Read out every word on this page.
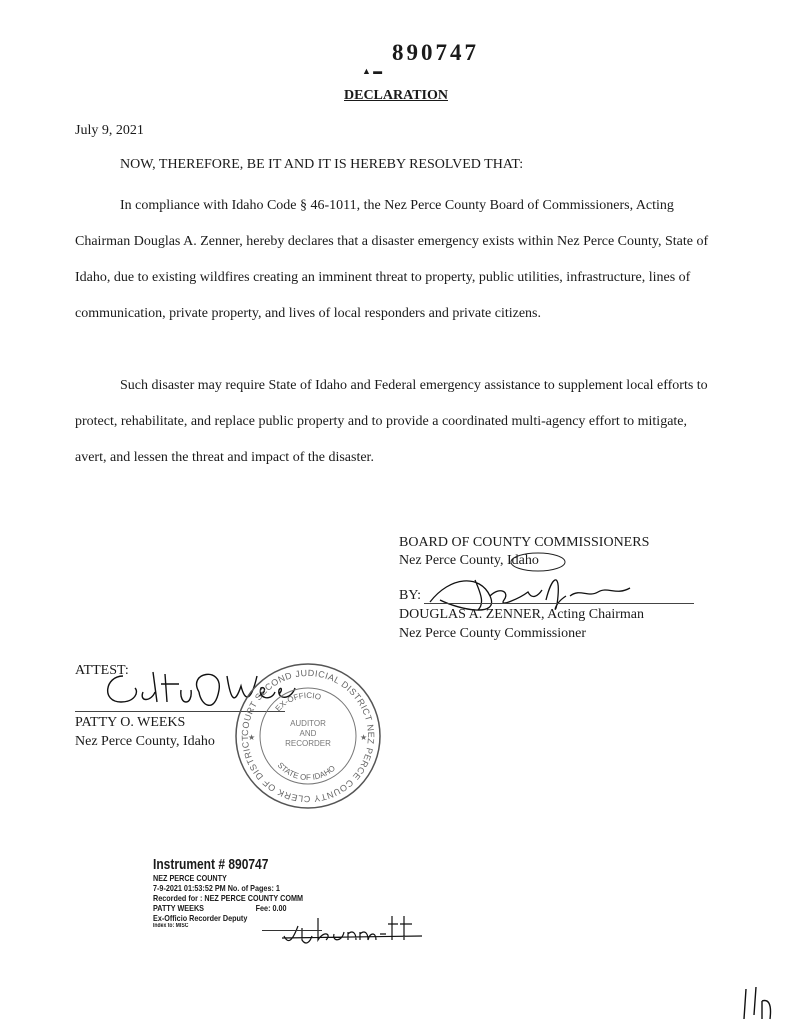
890747
▲ ▬
DECLARATION
July 9, 2021
NOW, THEREFORE, BE IT AND IT IS HEREBY RESOLVED THAT:
In compliance with Idaho Code § 46-1011, the Nez Perce County Board of Commissioners, Acting Chairman Douglas A. Zenner, hereby declares that a disaster emergency exists within Nez Perce County, State of Idaho, due to existing wildfires creating an imminent threat to property, public utilities, infrastructure, lines of communication, private property, and lives of local responders and private citizens.
Such disaster may require State of Idaho and Federal emergency assistance to supplement local efforts to protect, rehabilitate, and replace public property and to provide a coordinated multi-agency effort to mitigate, avert, and lessen the threat and impact of the disaster.
BOARD OF COUNTY COMMISSIONERS
Nez Perce County, Idaho
BY:
DOUGLAS A. ZENNER, Acting Chairman
Nez Perce County Commissioner
ATTEST:
PATTY O. WEEKS
Nez Perce County, Idaho
COURT SECOND JUDICIAL DISTRICT NEZ PERCE COUNTY CLERK OF DISTRICT
EX-OFFICIO
AUDITOR
AND
RECORDER
STATE OF IDAHO
★	★
Instrument # 890747
NEZ PERCE COUNTY
7-9-2021 01:53:52 PM No. of Pages: 1
Recorded for : NEZ PERCE COUNTY COMM
PATTY WEEKS	Fee: 0.00
Ex-Officio Recorder Deputy
Index to: MISC
